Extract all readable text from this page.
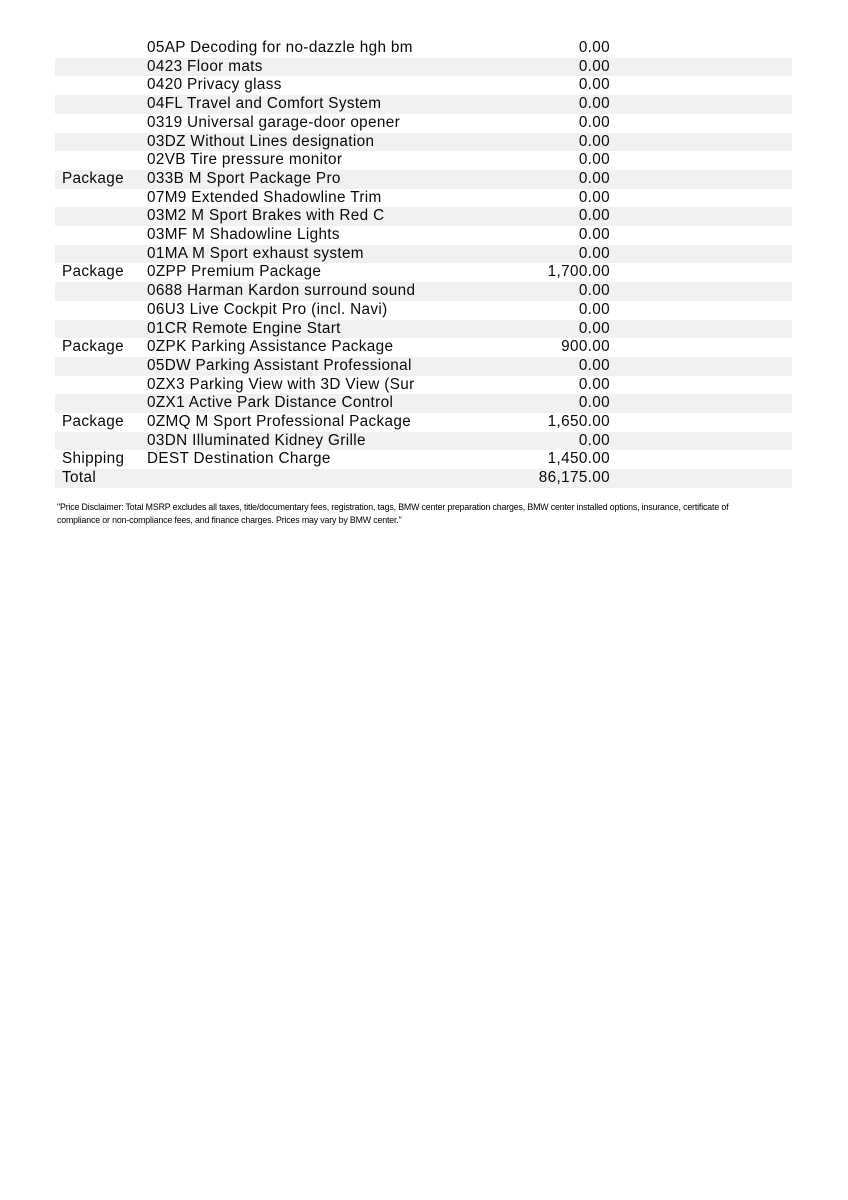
05AP Decoding for no-dazzle hgh bm	0.00
0423 Floor mats	0.00
0420 Privacy glass	0.00
04FL Travel and Comfort System	0.00
0319 Universal garage-door opener	0.00
03DZ Without Lines designation	0.00
02VB Tire pressure monitor	0.00
Package	033B M Sport Package Pro	0.00
07M9 Extended Shadowline Trim	0.00
03M2 M Sport Brakes with Red C	0.00
03MF M Shadowline Lights	0.00
01MA M Sport exhaust system	0.00
Package	0ZPP Premium Package	1,700.00
0688 Harman Kardon surround sound	0.00
06U3 Live Cockpit Pro (incl. Navi)	0.00
01CR Remote Engine Start	0.00
Package	0ZPK Parking Assistance Package	900.00
05DW Parking Assistant Professional	0.00
0ZX3 Parking View with 3D View (Sur	0.00
0ZX1 Active Park Distance Control	0.00
Package	0ZMQ M Sport Professional Package	1,650.00
03DN Illuminated Kidney Grille	0.00
Shipping	DEST Destination Charge	1,450.00
Total	86,175.00
"Price Disclaimer: Total MSRP excludes all taxes, title/documentary fees, registration, tags, BMW center preparation charges, BMW center installed options, insurance, certificate of
compliance or non-compliance fees, and finance charges. Prices may vary by BMW center."
